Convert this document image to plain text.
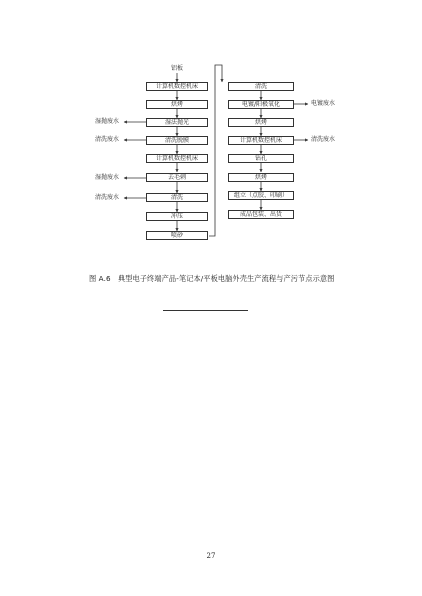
铝板
计算机数控机床
烘烤
湿法抛光
清洗脱膜
计算机数控机床
去毛刺
清洗
冲压
喷砂
湿抛废水
清洗废水
湿抛废水
清洗废水
清洗
电镀/阳极氧化
烘烤
计算机数控机床
钻孔
烘烤
组立（点胶、印刷）
成品包装、出货
电镀废水
清洗废水
图 A.6　典型电子终端产品-笔记本/平板电脑外壳生产流程与产污节点示意图
27
